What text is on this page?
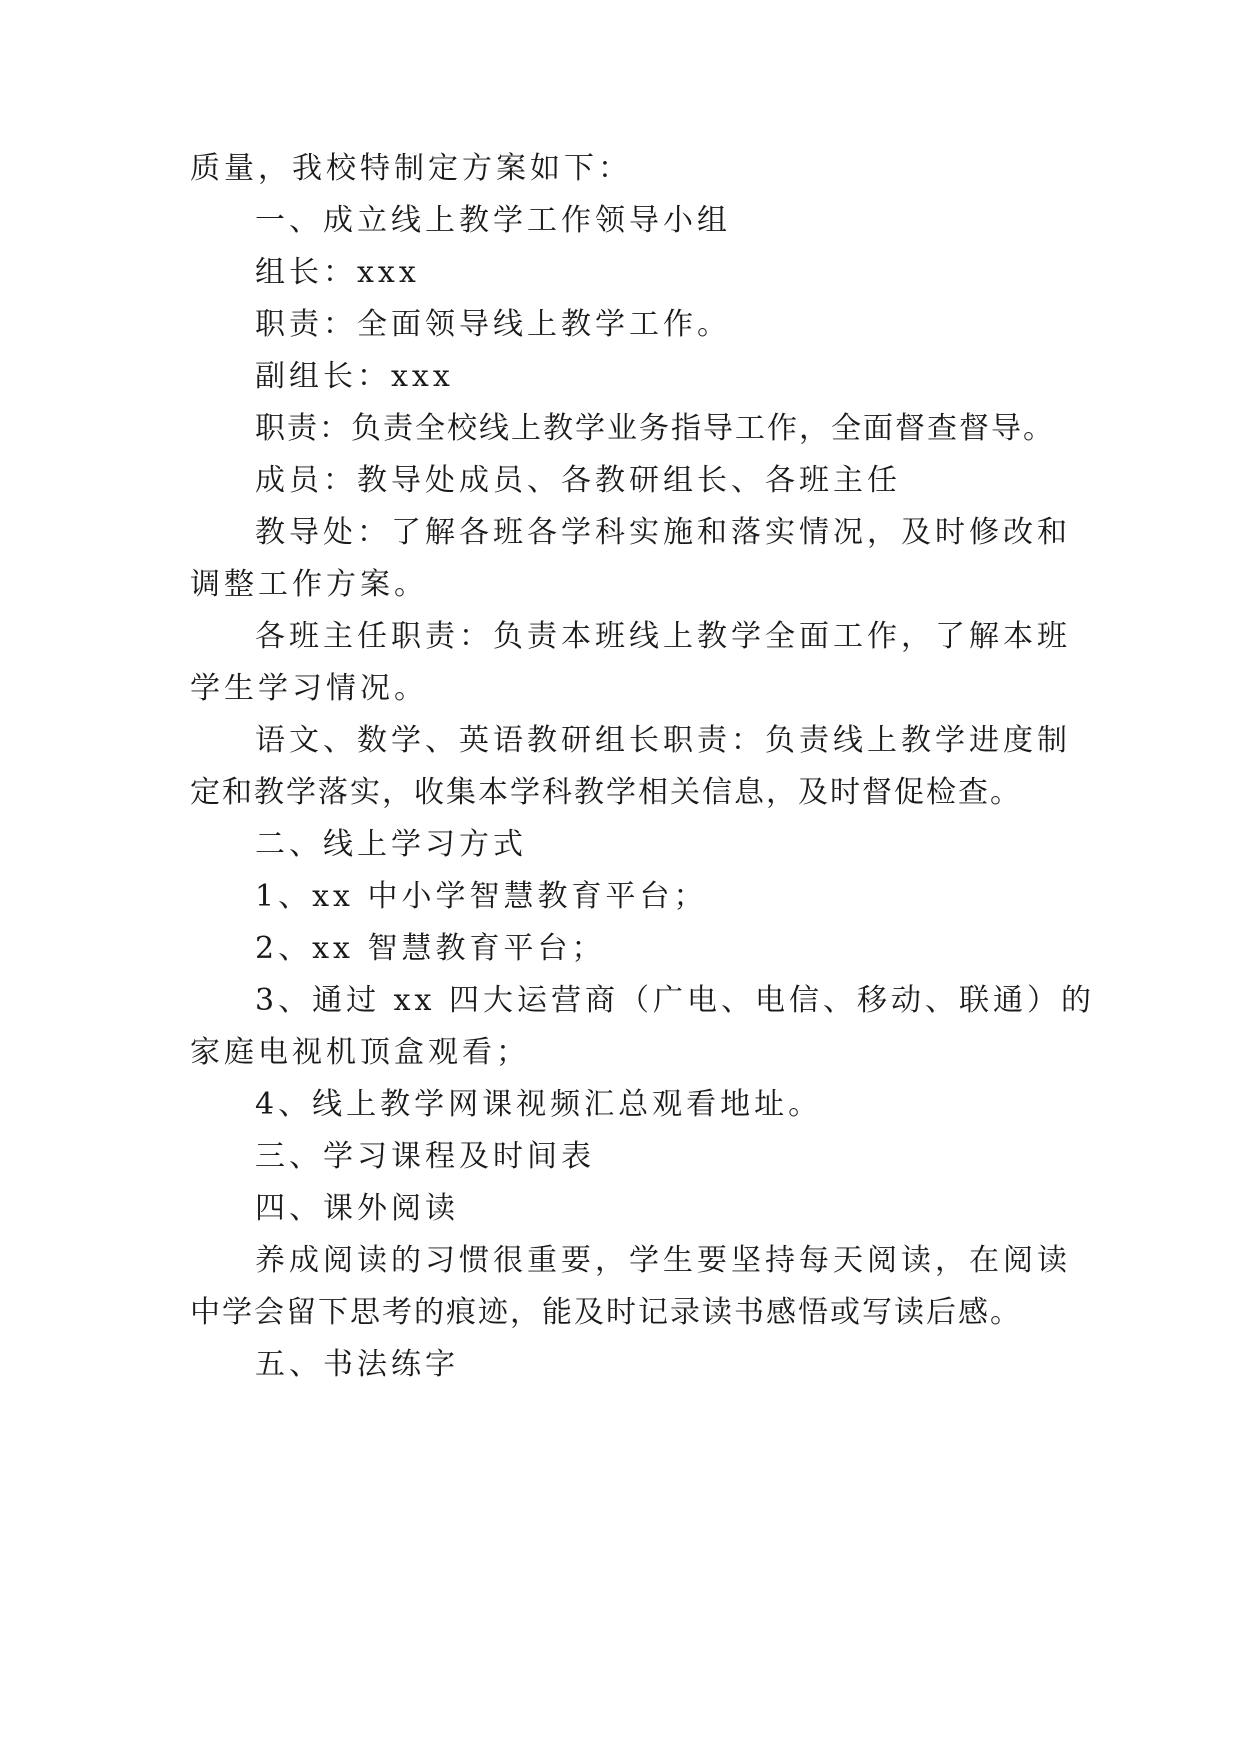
质量，我校特制定方案如下：
一、成立线上教学工作领导小组
组长：xxx
职责：全面领导线上教学工作。
副组长：xxx
职责：负责全校线上教学业务指导工作，全面督查督导。
成员：教导处成员、各教研组长、各班主任
教导处：了解各班各学科实施和落实情况，及时修改和
调整工作方案。
各班主任职责：负责本班线上教学全面工作，了解本班
学生学习情况。
语文、数学、英语教研组长职责：负责线上教学进度制
定和教学落实，收集本学科教学相关信息，及时督促检查。
二、线上学习方式
1、xx 中小学智慧教育平台；
2、xx 智慧教育平台；
3、通过 xx 四大运营商（广电、电信、移动、联通）的
家庭电视机顶盒观看；
4、线上教学网课视频汇总观看地址。
三、学习课程及时间表
四、课外阅读
养成阅读的习惯很重要，学生要坚持每天阅读，在阅读
中学会留下思考的痕迹，能及时记录读书感悟或写读后感。
五、书法练字
